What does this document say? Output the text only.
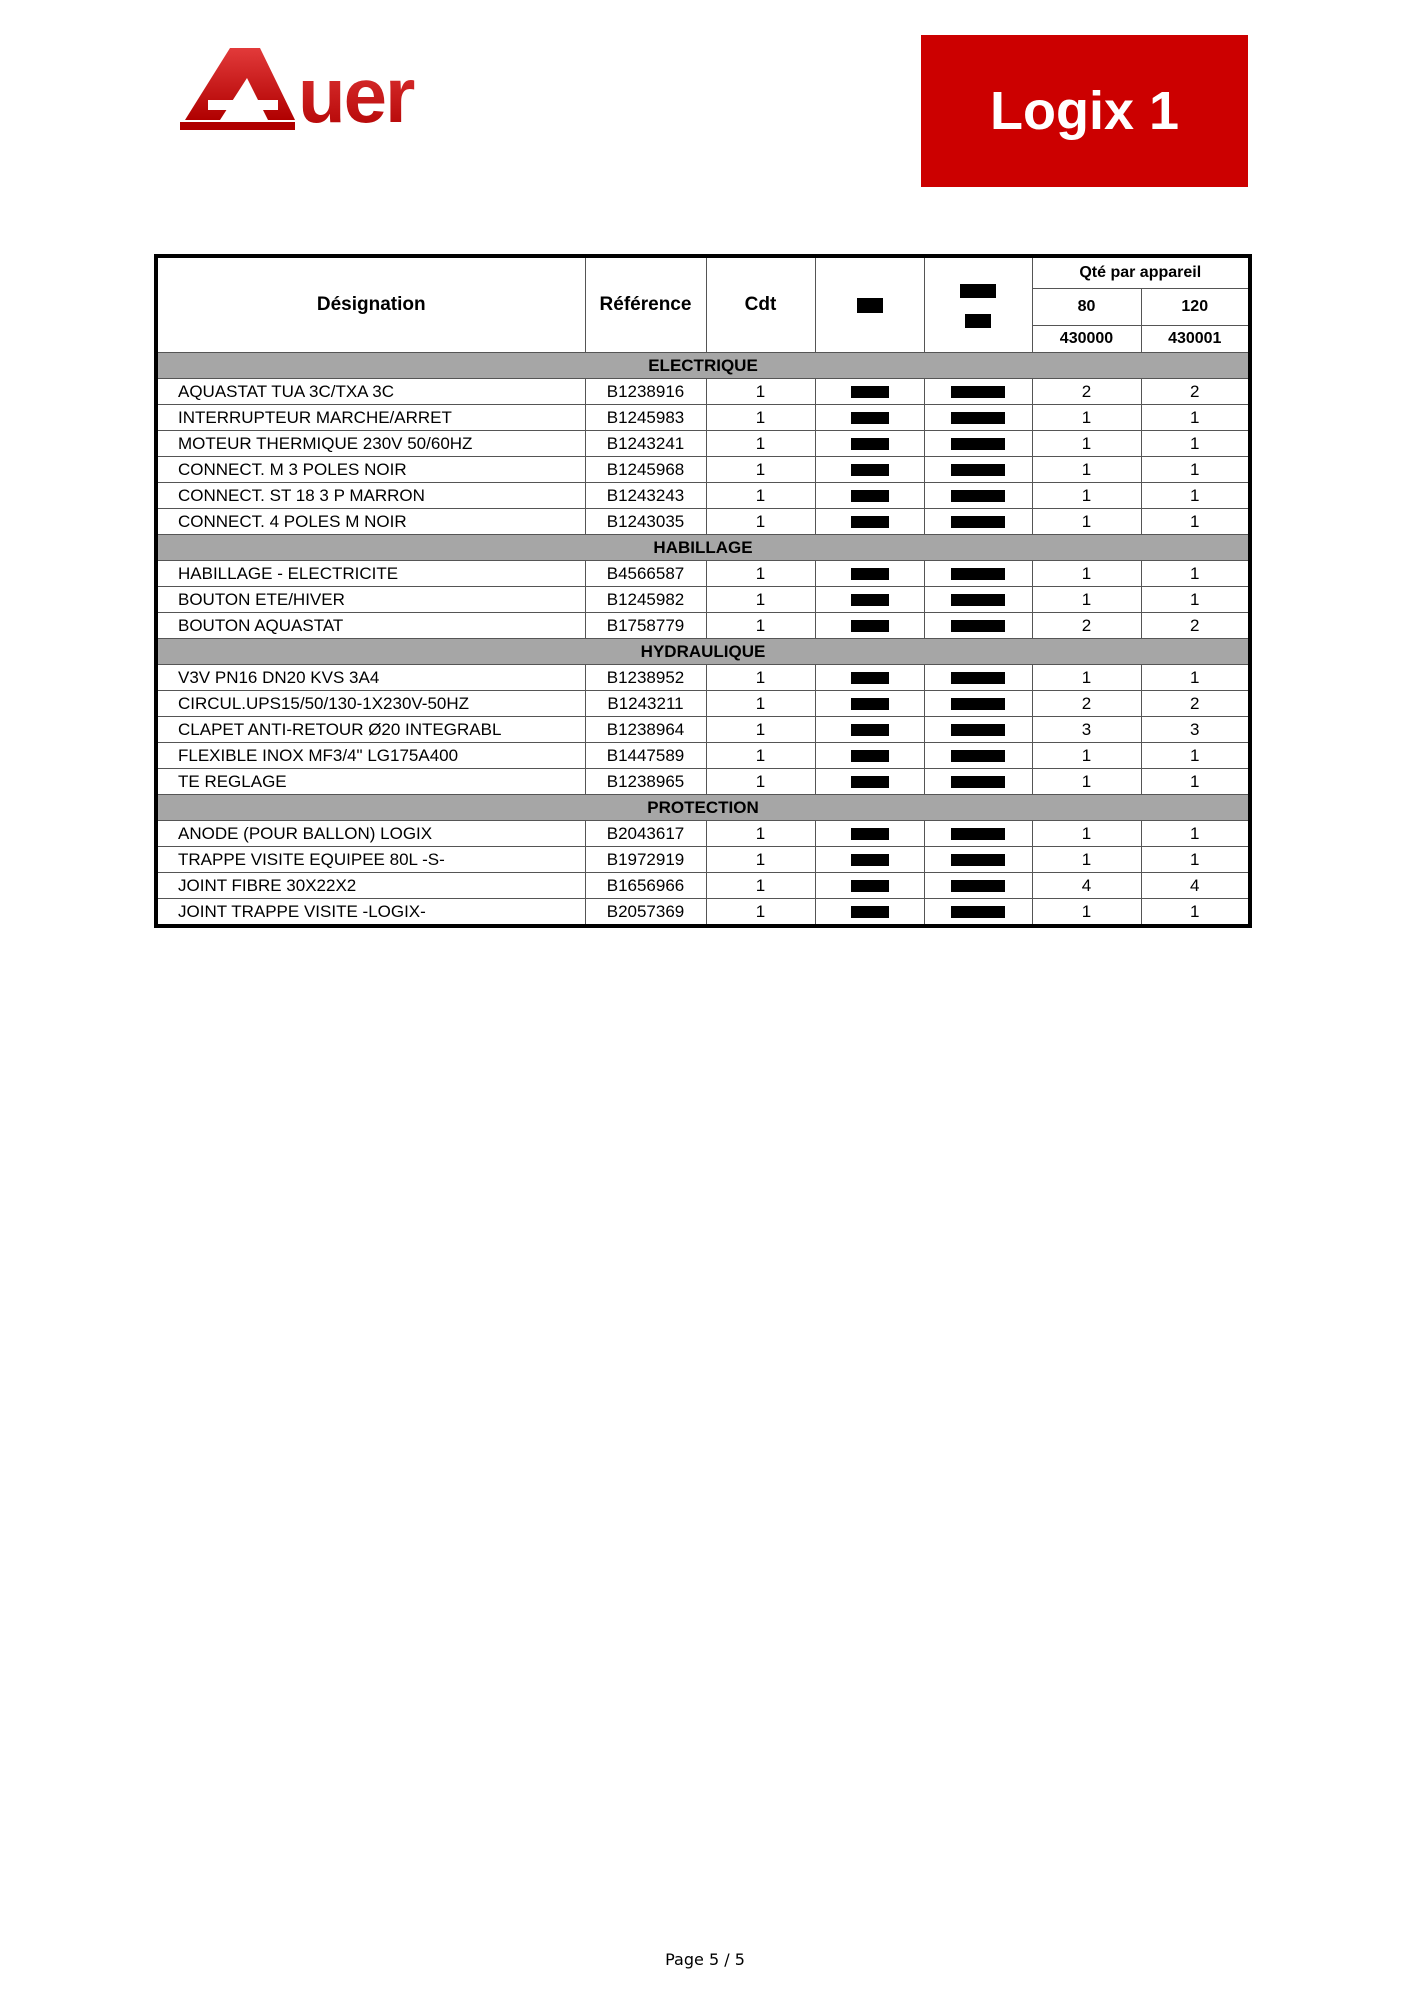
uer	Logix 1
Désignation	Référence	Cdt			Qté par appareil	
					80	120
					430000	430001
ELECTRIQUE						
AQUASTAT TUA 3C/TXA 3C	B1238916	1			2	2
INTERRUPTEUR MARCHE/ARRET	B1245983	1			1	1
MOTEUR THERMIQUE 230V 50/60HZ	B1243241	1			1	1
CONNECT. M 3 POLES NOIR	B1245968	1			1	1
CONNECT. ST 18 3 P MARRON	B1243243	1			1	1
CONNECT. 4 POLES M NOIR	B1243035	1			1	1
HABILLAGE						
HABILLAGE - ELECTRICITE	B4566587	1			1	1
BOUTON ETE/HIVER	B1245982	1			1	1
BOUTON AQUASTAT	B1758779	1			2	2
HYDRAULIQUE						
V3V PN16 DN20 KVS 3A4	B1238952	1			1	1
CIRCUL.UPS15/50/130-1X230V-50HZ	B1243211	1			2	2
CLAPET ANTI-RETOUR Ø20 INTEGRABL	B1238964	1			3	3
FLEXIBLE INOX MF3/4" LG175A400	B1447589	1			1	1
TE REGLAGE	B1238965	1			1	1
PROTECTION						
ANODE (POUR BALLON) LOGIX	B2043617	1			1	1
TRAPPE VISITE EQUIPEE 80L -S-	B1972919	1			1	1
JOINT FIBRE 30X22X2	B1656966	1			4	4
JOINT TRAPPE VISITE -LOGIX-	B2057369	1			1	1
Page 5 / 5
